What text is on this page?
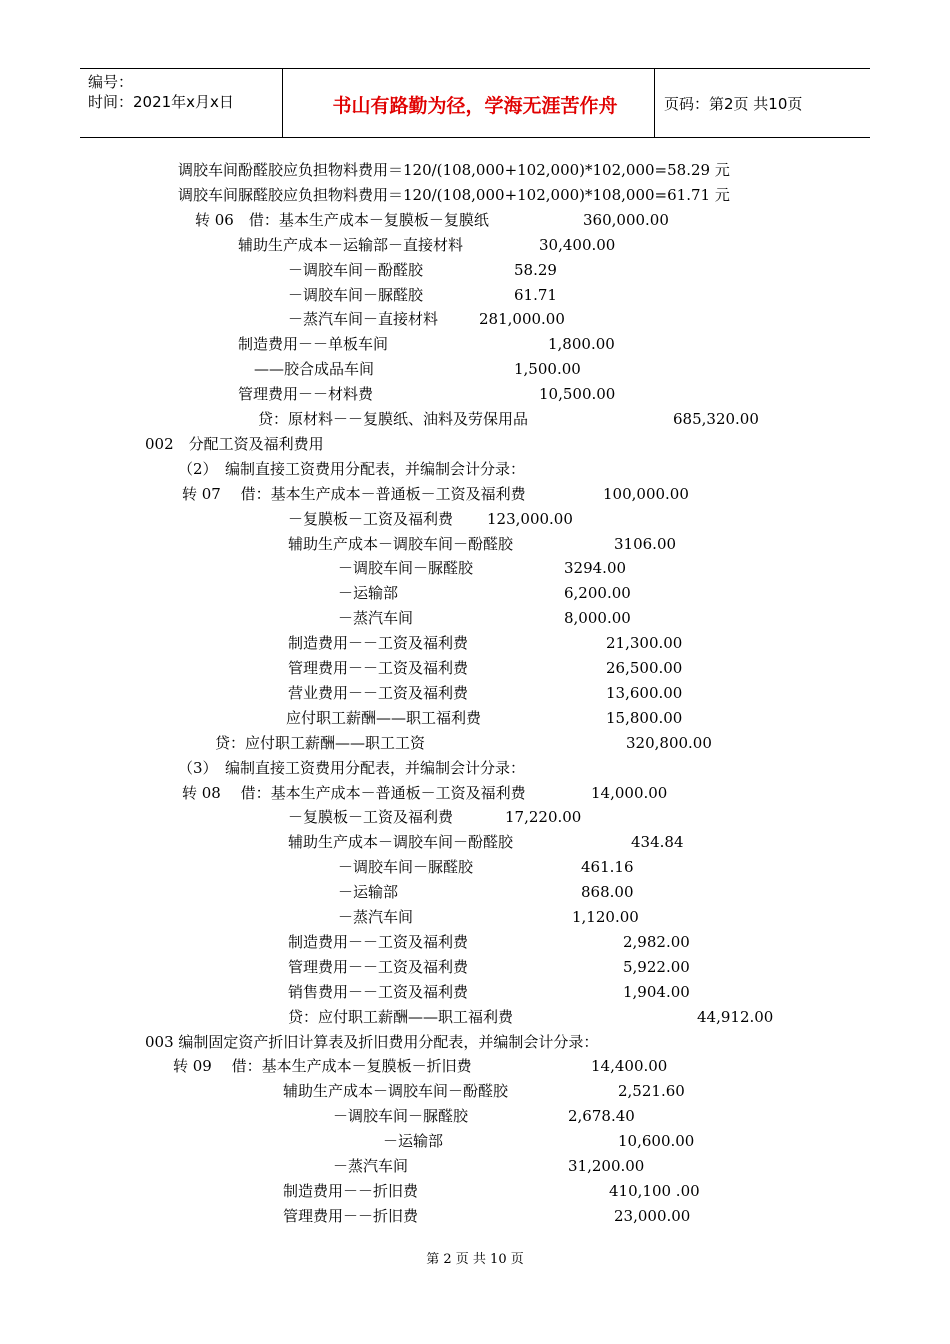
编号：
时间：2021年x月x日	书山有路勤为径，学海无涯苦作舟	页码：第2页 共10页
调胶车间酚醛胶应负担物料费用＝120/(108,000+102,000)*102,000=58.29 元
调胶车间脲醛胶应负担物料费用＝120/(108,000+102,000)*108,000=61.71 元
转 06　借：基本生产成本－复膜板－复膜纸	360,000.00
辅助生产成本－运输部－直接材料	30,400.00
－调胶车间－酚醛胶	58.29
－调胶车间－脲醛胶	61.71
－蒸汽车间－直接材料	281,000.00
制造费用－－单板车间	1,800.00
——胶合成品车间	1,500.00
管理费用－－材料费	10,500.00
贷：原材料－－复膜纸、油料及劳保用品	685,320.00
002　分配工资及福利费用
（2）　编制直接工资费用分配表，并编制会计分录：
转 07　 借：基本生产成本－普通板－工资及福利费	100,000.00
－复膜板－工资及福利费 123,000.00
辅助生产成本－调胶车间－酚醛胶	3106.00
－调胶车间－脲醛胶	3294.00
－运输部	6,200.00
－蒸汽车间	8,000.00
制造费用－－工资及福利费	21,300.00
管理费用－－工资及福利费	26,500.00
营业费用－－工资及福利费	13,600.00
应付职工薪酬——职工福利费	15,800.00
贷：应付职工薪酬——职工工资	320,800.00
（3）　编制直接工资费用分配表，并编制会计分录：
转 08　 借：基本生产成本－普通板－工资及福利费	14,000.00
－复膜板－工资及福利费	17,220.00
辅助生产成本－调胶车间－酚醛胶	434.84
－调胶车间－脲醛胶	461.16
－运输部	868.00
－蒸汽车间	1,120.00
制造费用－－工资及福利费	2,982.00
管理费用－－工资及福利费	5,922.00
销售费用－－工资及福利费	1,904.00
贷：应付职工薪酬——职工福利费	44,912.00
003 编制固定资产折旧计算表及折旧费用分配表，并编制会计分录：
转 09　 借：基本生产成本－复膜板－折旧费	14,400.00
辅助生产成本－调胶车间－酚醛胶	2,521.60
－调胶车间－脲醛胶	2,678.40
－运输部	10,600.00
－蒸汽车间	31,200.00
制造费用－－折旧费	410,100 .00
管理费用－－折旧费	23,000.00
第 2 页 共 10 页
